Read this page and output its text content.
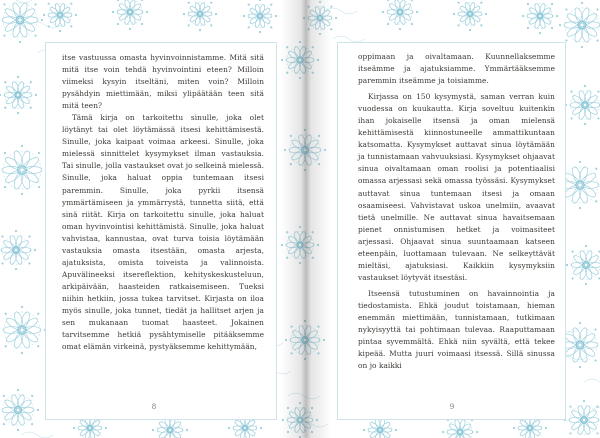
itse vastuussa omasta hyvinvoinnistamme. Mitä sitä mitä itse voin tehdä hyvinvointini eteen? Milloin viimeksi kysyin itseltäni, miten voin? Milloin pysähdyin miettimään, miksi ylipäätään teen sitä mitä teen?

Tämä kirja on tarkoitettu sinulle, joka olet löytänyt tai olet löytämässä itsesi kehittämisestä. Sinulle, joka kaipaat voimaa arkeesi. Sinulle, joka mielessä sinnittelet kysymykset ilman vastauksia. Tai sinulle, jolla vastaukset ovat jo selkeinä mielessä. Sinulle, joka haluat oppia tuntemaan itsesi paremmin. Sinulle, joka pyrkii itsensä ymmärtämiseen ja ymmärrystä, tunnetta siitä, että sinä riität. Kirja on tarkoitettu sinulle, joka haluat oman hyvinvointisi kehittämistä. Sinulle, joka haluat vahvistaa, kannustaa, ovat turva toisia löytämään vastauksia omasta itsestään, omasta arjesta, ajatuksista, omista toiveista ja valinnoista. Apuvälineeksi itsereflektion, kehityskeskusteluun, arkipäivään, haasteiden ratkaisemiseen. Tueksi niihin hetkiin, jossa tukea tarvitset. Kirjasta on iloa myös sinulle, joka tunnet, tiedät ja hallitset arjen ja sen mukanaan tuomat haasteet. Jokainen tarvitsemme hetkiä pysähtymiselle pitääksemme omat elämän virkeinä, pystyäksemme kehittymään,

8

oppimaan ja oivaltamaan. Kuunnellaksemme itseämme ja ajatuksiamme. Ymmärtääksemme paremmin itseämme ja toisiamme.

Kirjassa on 150 kysymystä, saman verran kuin vuodessa on kuukautta. Kirja soveltuu kuitenkin ihan jokaiselle itsensä ja oman mielensä kehittämisestä kiinnostuneelle ammattikuntaan katsomatta. Kysymykset auttavat sinua löytämään ja tunnistamaan vahvuuksiasi. Kysymykset ohjaavat sinua oivaltamaan oman roolisi ja potentiaalisi omassa arjessasi sekä omassa työssäsi. Kysymykset auttavat sinua tuntemaan itsesi ja omaan osaamiseesi. Vahvistavat uskoa unelmiin, avaavat tietä unelmille. Ne auttavat sinua havaitsemaan pienet onnistumisen hetket ja voimasiteet arjessasi. Ohjaavat sinua suuntaamaan katseen eteenpäin, luottamaan tulevaan. Ne selkeyttävät mieltäsi, ajatuksiasi. Kaikkiin kysymyksiin vastaukset löytyvät itsestäsi.

Itseensä tutustuminen on havainnointia ja tiedostamista. Ehkä joudut toistamaan, hieman enemmän miettimään, tunnistamaan, tutkimaan nykyisyyttä tai pohtimaan tulevaa. Raaputtamaan pintaa syvemmältä. Ehkä niin syvältä, että tekee kipeää. Mutta juuri voimaasi itsessä. Sillä sinussa on jo kaikki

9
